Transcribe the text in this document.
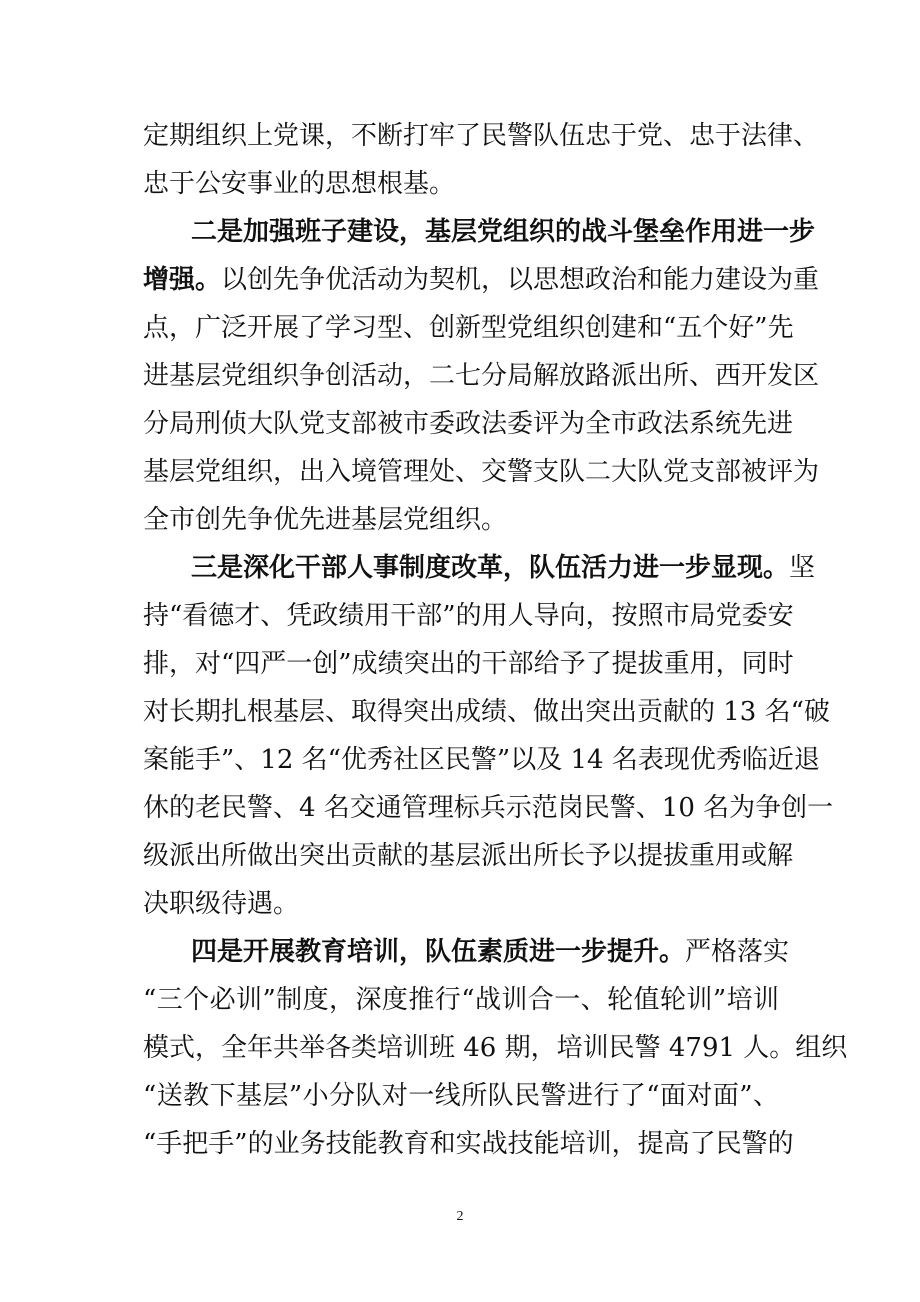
定期组织上党课，不断打牢了民警队伍忠于党、忠于法律、
忠于公安事业的思想根基。
二是加强班子建设，基层党组织的战斗堡垒作用进一步
增强。以创先争优活动为契机，以思想政治和能力建设为重
点，广泛开展了学习型、创新型党组织创建和“五个好”先
进基层党组织争创活动，二七分局解放路派出所、西开发区
分局刑侦大队党支部被市委政法委评为全市政法系统先进
基层党组织，出入境管理处、交警支队二大队党支部被评为
全市创先争优先进基层党组织。
三是深化干部人事制度改革，队伍活力进一步显现。坚
持“看德才、凭政绩用干部”的用人导向，按照市局党委安
排，对“四严一创”成绩突出的干部给予了提拔重用，同时
对长期扎根基层、取得突出成绩、做出突出贡献的 13 名“破
案能手”、12 名“优秀社区民警”以及 14 名表现优秀临近退
休的老民警、4 名交通管理标兵示范岗民警、10 名为争创一
级派出所做出突出贡献的基层派出所长予以提拔重用或解
决职级待遇。
四是开展教育培训，队伍素质进一步提升。严格落实
“三个必训”制度，深度推行“战训合一、轮值轮训”培训
模式，全年共举各类培训班 46 期，培训民警 4791 人。组织
“送教下基层”小分队对一线所队民警进行了“面对面”、
“手把手”的业务技能教育和实战技能培训，提高了民警的
2
